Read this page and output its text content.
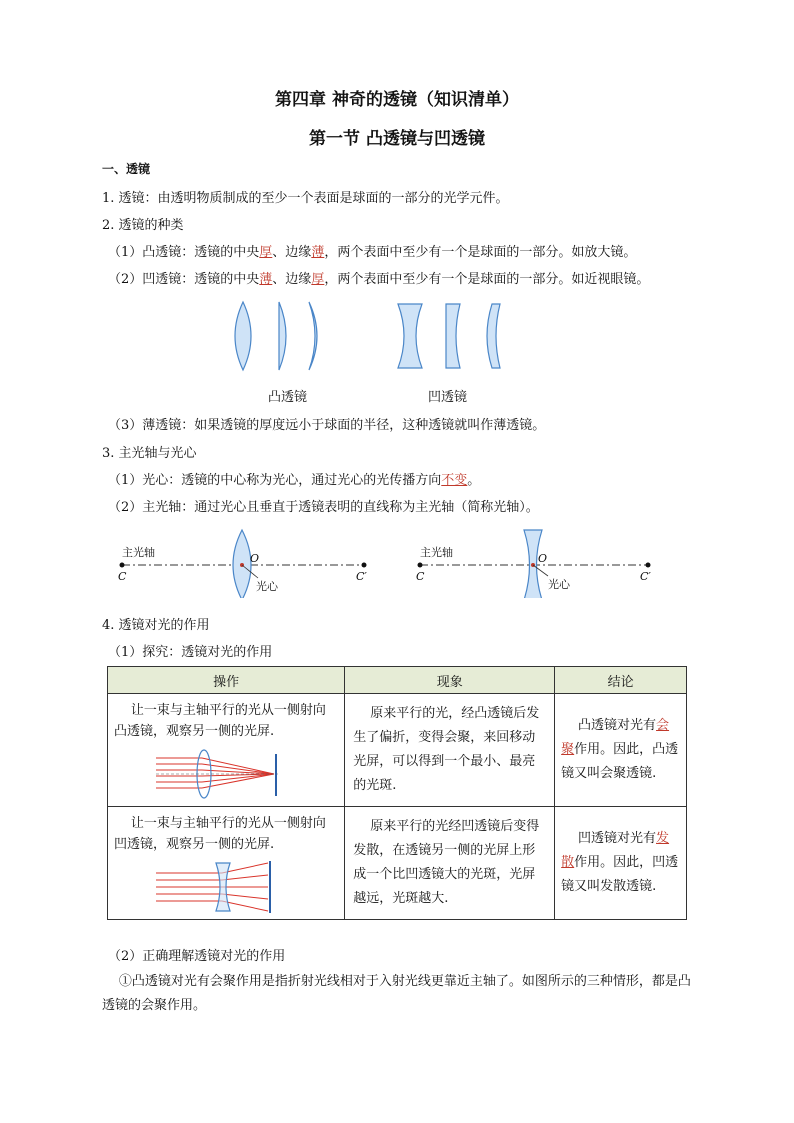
第四章 神奇的透镜（知识清单）
第一节 凸透镜与凹透镜
一、透镜
1. 透镜：由透明物质制成的至少一个表面是球面的一部分的光学元件。
2. 透镜的种类
（1）凸透镜：透镜的中央厚、边缘薄，两个表面中至少有一个是球面的一部分。如放大镜。
（2）凹透镜：透镜的中央薄、边缘厚，两个表面中至少有一个是球面的一部分。如近视眼镜。
凸透镜	凹透镜
（3）薄透镜：如果透镜的厚度远小于球面的半径，这种透镜就叫作薄透镜。
3. 主光轴与光心
（1）光心：透镜的中心称为光心，通过光心的光传播方向不变。
（2）主光轴：通过光心且垂直于透镜表明的直线称为主光轴（简称光轴）。
主光轴
C	C′
O
光心
主光轴
C	C′
O
光心
4. 透镜对光的作用
（1）探究：透镜对光的作用
操作	现象	结论

让一束与主轴平行的光从一侧射向凸透镜，观察另一侧的光屏.	原来平行的光，经凸透镜后发生了偏折，变得会聚，来回移动光屏，可以得到一个最小、最亮的光斑.	凸透镜对光有会聚作用。因此，凸透镜又叫会聚透镜.

让一束与主轴平行的光从一侧射向凹透镜，观察另一侧的光屏.	原来平行的光经凹透镜后变得发散，在透镜另一侧的光屏上形成一个比凹透镜大的光斑，光屏越远，光斑越大.	凹透镜对光有发散作用。因此，凹透镜又叫发散透镜.
（2）正确理解透镜对光的作用
①凸透镜对光有会聚作用是指折射光线相对于入射光线更靠近主轴了。如图所示的三种情形，都是凸透镜的会聚作用。
